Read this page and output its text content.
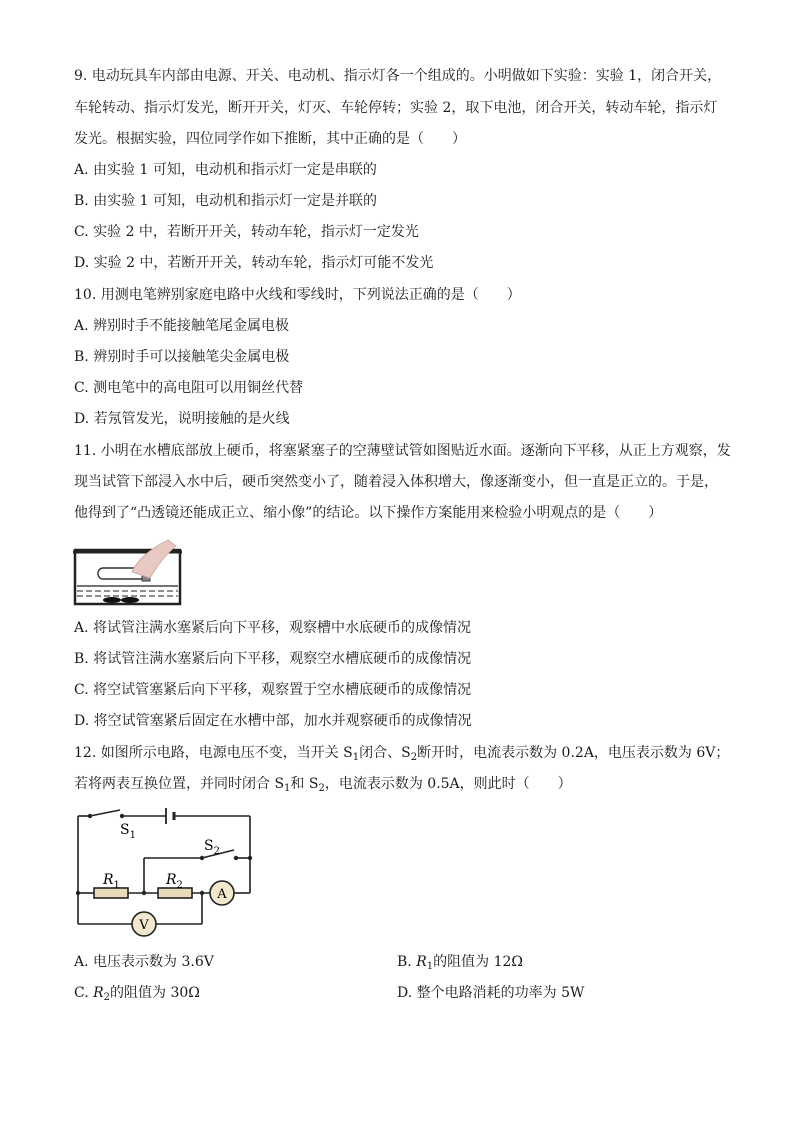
9. 电动玩具车内部由电源、开关、电动机、指示灯各一个组成的。小明做如下实验：实验 1，闭合开关，
车轮转动、指示灯发光，断开开关，灯灭、车轮停转；实验 2，取下电池，闭合开关，转动车轮，指示灯
发光。根据实验，四位同学作如下推断，其中正确的是（　　）
A. 由实验 1 可知，电动机和指示灯一定是串联的
B. 由实验 1 可知，电动机和指示灯一定是并联的
C. 实验 2 中，若断开开关，转动车轮，指示灯一定发光
D. 实验 2 中，若断开开关，转动车轮，指示灯可能不发光
10. 用测电笔辨别家庭电路中火线和零线时，下列说法正确的是（　　）
A. 辨别时手不能接触笔尾金属电极
B. 辨别时手可以接触笔尖金属电极
C. 测电笔中的高电阻可以用铜丝代替
D. 若氖管发光，说明接触的是火线
11. 小明在水槽底部放上硬币，将塞紧塞子的空薄壁试管如图贴近水面。逐渐向下平移，从正上方观察，发
现当试管下部浸入水中后，硬币突然变小了，随着浸入体积增大，像逐渐变小，但一直是正立的。于是，
他得到了“凸透镜还能成正立、缩小像”的结论。以下操作方案能用来检验小明观点的是（　　）
A. 将试管注满水塞紧后向下平移，观察槽中水底硬币的成像情况
B. 将试管注满水塞紧后向下平移，观察空水槽底硬币的成像情况
C. 将空试管塞紧后向下平移，观察置于空水槽底硬币的成像情况
D. 将空试管塞紧后固定在水槽中部，加水并观察硬币的成像情况
12. 如图所示电路，电源电压不变，当开关 $S_1$闭合、$S_2$断开时，电流表示数为 0.2A，电压表示数为 6V；
若将两表互换位置，并同时闭合 $S_1$和 $S_2$，电流表示数为 0.5A，则此时（　　）
$S_1$
$S_2$
$R_1$	$R_2$
A
V
A. 电压表示数为 3.6V	B. $R_1$的阻值为 12Ω
C. $R_2$的阻值为 30Ω	D. 整个电路消耗的功率为 5W
